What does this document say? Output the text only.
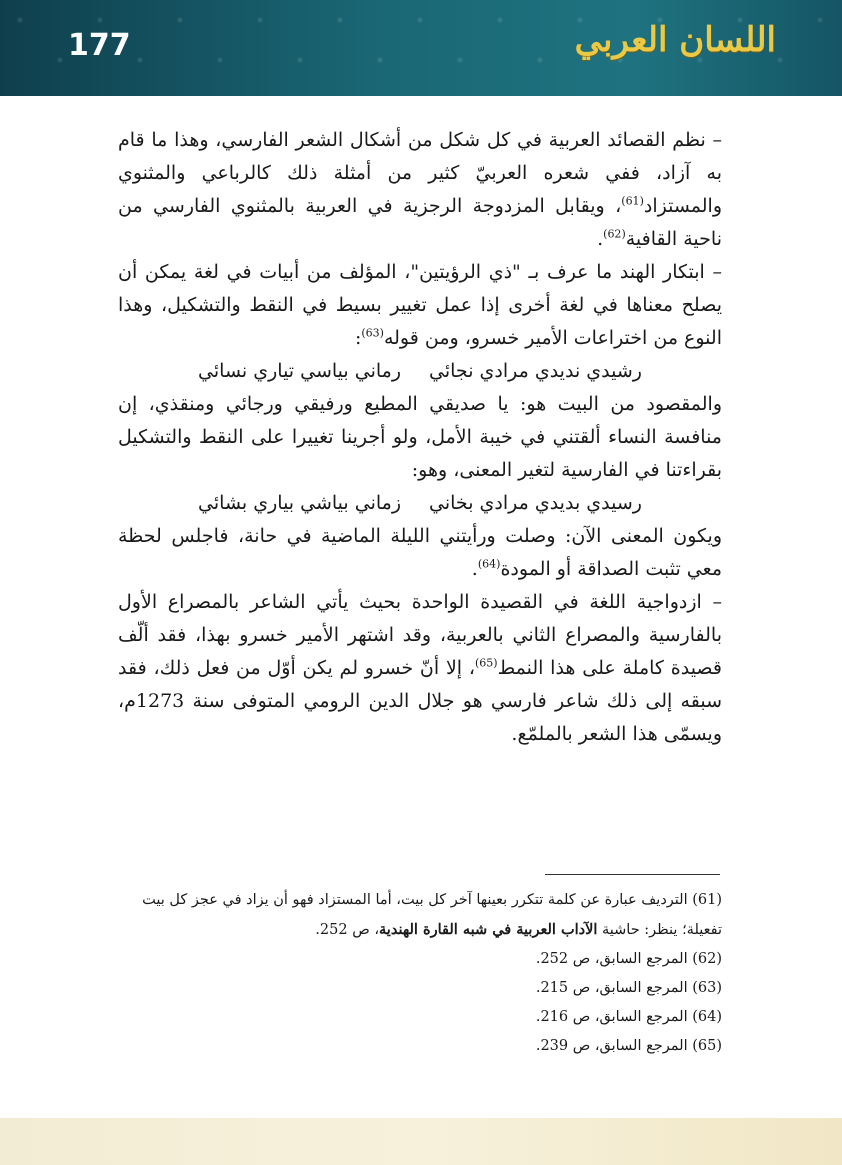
177	اللسان العربي

– نظم القصائد العربية في كل شكل من أشكال الشعر الفارسي، وهذا ما قام به آزاد، ففي شعره العربيّ كثير من أمثلة ذلك كالرباعي والمثنوي والمستزاد$^{(61)}$، ويقابل المزدوجة الرجزية في العربية بالمثنوي الفارسي من ناحية القافية$^{(62)}$.

– ابتكار الهند ما عرف بـ "ذي الرؤيتين"، المؤلف من أبيات في لغة يمكن أن يصلح معناها في لغة أخرى إذا عمل تغيير بسيط في النقط والتشكيل، وهذا النوع من اختراعات الأمير خسرو، ومن قوله$^{(63)}$:

رشيدي نديدي مرادي نجائي
رماني بياسي تياري نسائي

والمقصود من البيت هو: يا صديقي المطيع ورفيقي ورجائي ومنقذي، إن منافسة النساء ألقتني في خيبة الأمل، ولو أجرينا تغييرا على النقط والتشكيل بقراءتنا في الفارسية لتغير المعنى، وهو:

رسيدي بديدي مرادي بخاني
زماني بياشي بياري بشائي

ويكون المعنى الآن: وصلت ورأيتني الليلة الماضية في حانة، فاجلس لحظة معي تثبت الصداقة أو المودة$^{(64)}$.

– ازدواجية اللغة في القصيدة الواحدة بحيث يأتي الشاعر بالمصراع الأول بالفارسية والمصراع الثاني بالعربية، وقد اشتهر الأمير خسرو بهذا، فقد ألّف قصيدة كاملة على هذا النمط$^{(65)}$، إلا أنّ خسرو لم يكن أوّل من فعل ذلك، فقد سبقه إلى ذلك شاعر فارسي هو جلال الدين الرومي المتوفى سنة 1273م، ويسمّى هذا الشعر بالملمّع.

(61) الترديف عبارة عن كلمة تتكرر بعينها آخر كل بيت، أما المستزاد فهو أن يزاد في عجز كل بيت تفعيلة؛ ينظر: حاشية الآداب العربية في شبه القارة الهندية، ص 252.

(62) المرجع السابق، ص 252.

(63) المرجع السابق، ص 215.

(64) المرجع السابق، ص 216.

(65) المرجع السابق، ص 239.
